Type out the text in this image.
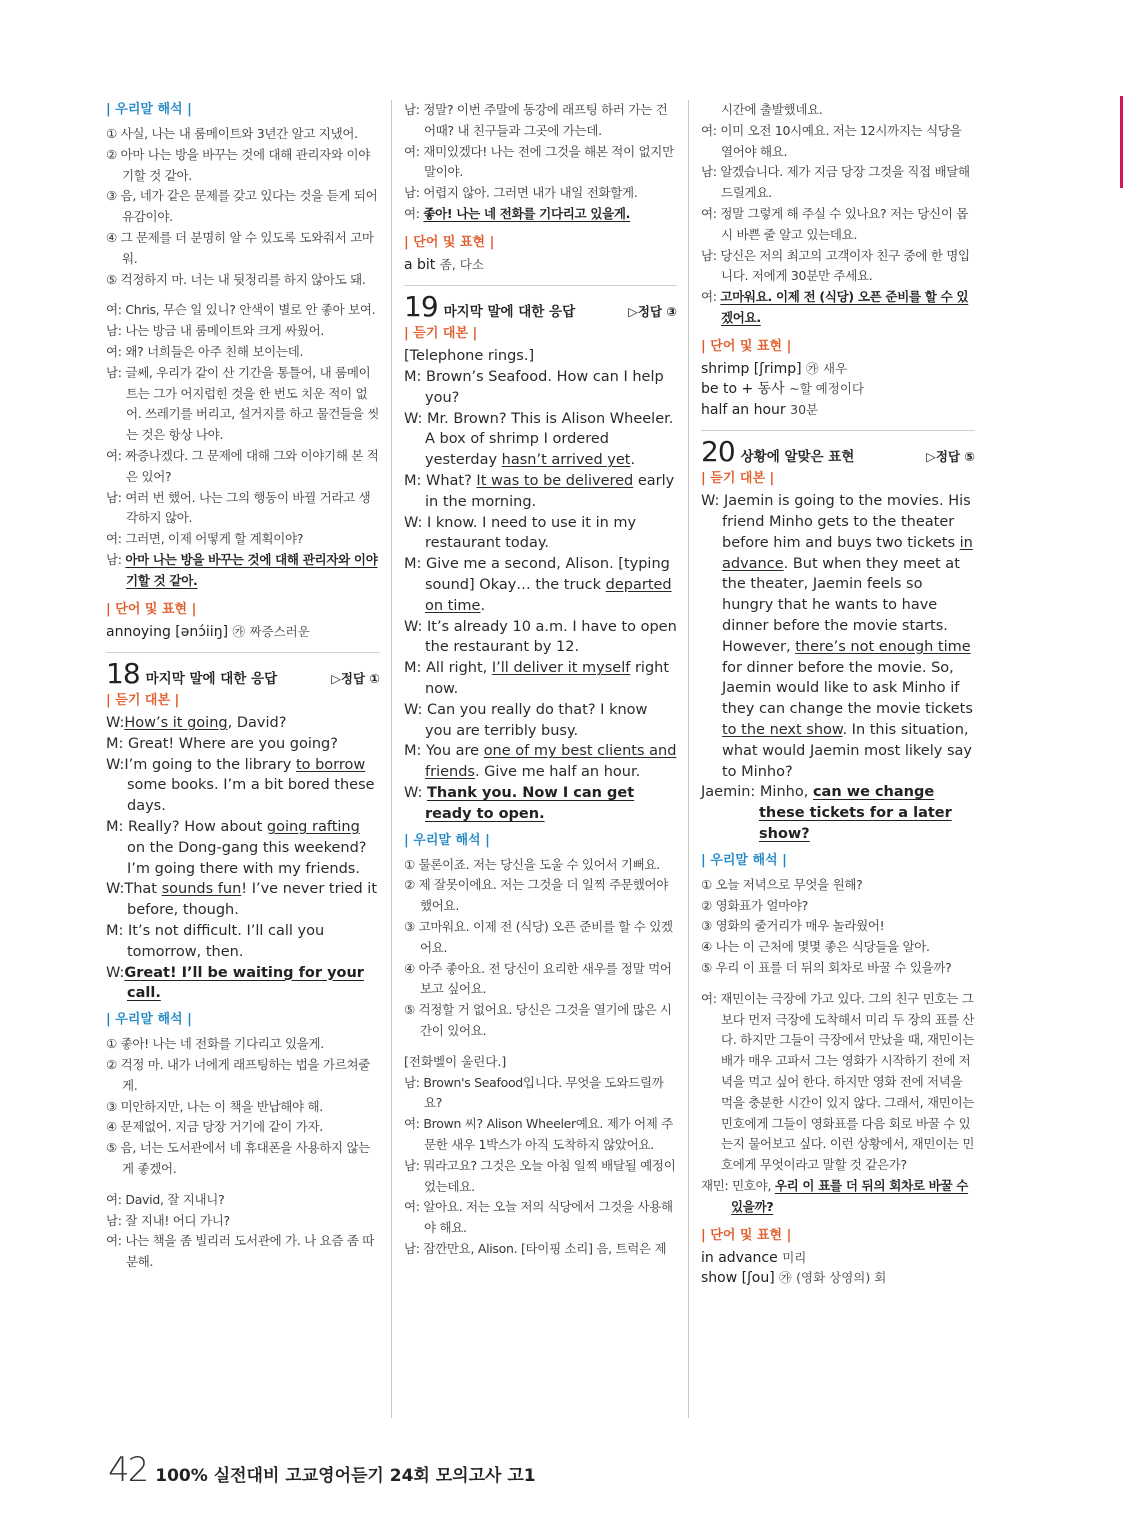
| 우리말 해석 |
① 사실, 나는 내 룸메이트와 3년간 알고 지냈어.
② 아마 나는 방을 바꾸는 것에 대해 관리자와 이야기할 것 같아.
③ 음, 네가 같은 문제를 갖고 있다는 것을 듣게 되어 유감이야.
④ 그 문제를 더 분명히 알 수 있도록 도와줘서 고마워.
⑤ 걱정하지 마. 너는 내 뒷정리를 하지 않아도 돼.
여: Chris, 무슨 일 있니? 안색이 별로 안 좋아 보여.
남: 나는 방금 내 룸메이트와 크게 싸웠어.
여: 왜? 너희들은 아주 친해 보이는데.
남: 글쎄, 우리가 같이 산 기간을 통틀어, 내 룸메이트는 그가 어지럽힌 것을 한 번도 치운 적이 없어. 쓰레기를 버리고, 설거지를 하고 물건들을 씻는 것은 항상 나야.
여: 짜증나겠다. 그 문제에 대해 그와 이야기해 본 적은 있어?
남: 여러 번 했어. 나는 그의 행동이 바뀔 거라고 생각하지 않아.
여: 그러면, 이제 어떻게 할 계획이야?
남: 아마 나는 방을 바꾸는 것에 대해 관리자와 이야기할 것 같아.
| 단어 및 표현 |
annoying [ənɔ́iiŋ] ㉮ 짜증스러운
18 마지막 말에 대한 응답	▷정답 ①
| 듣기 대본 |
W:How’s it going, David?
M: Great! Where are you going?
W:I’m going to the library to borrow some books. I’m a bit bored these days.
M: Really? How about going rafting on the Dong-gang this weekend? I’m going there with my friends.
W:That sounds fun! I’ve never tried it before, though.
M: It’s not difficult. I’ll call you tomorrow, then.
W:Great! I’ll be waiting for your call.
| 우리말 해석 |
① 좋아! 나는 네 전화를 기다리고 있을게.
② 걱정 마. 내가 너에게 래프팅하는 법을 가르쳐줄게.
③ 미안하지만, 나는 이 책을 반납해야 해.
④ 문제없어. 지금 당장 거기에 같이 가자.
⑤ 음, 너는 도서관에서 네 휴대폰을 사용하지 않는 게 좋겠어.
여: David, 잘 지내니?
남: 잘 지내! 어디 가니?
여: 나는 책을 좀 빌리러 도서관에 가. 나 요즘 좀 따분해.
남: 정말? 이번 주말에 동강에 래프팅 하러 가는 건 어때? 내 친구들과 그곳에 가는데.
여: 재미있겠다! 나는 전에 그것을 해본 적이 없지만 말이야.
남: 어렵지 않아. 그러면 내가 내일 전화할게.
여: 좋아! 나는 네 전화를 기다리고 있을게.
| 단어 및 표현 |
a bit 좀, 다소
19 마지막 말에 대한 응답	▷정답 ③
| 듣기 대본 |
[Telephone rings.]
M: Brown’s Seafood. How can I help you?
W: Mr. Brown? This is Alison Wheeler. A box of shrimp I ordered yesterday hasn’t arrived yet.
M: What? It was to be delivered early in the morning.
W: I know. I need to use it in my restaurant today.
M: Give me a second, Alison. [typing sound] Okay… the truck departed on time.
W: It’s already 10 a.m. I have to open the restaurant by 12.
M: All right, I’ll deliver it myself right now.
W: Can you really do that? I know you are terribly busy.
M: You are one of my best clients and friends. Give me half an hour.
W: Thank you. Now I can get ready to open.
| 우리말 해석 |
① 물론이죠. 저는 당신을 도울 수 있어서 기뻐요.
② 제 잘못이에요. 저는 그것을 더 일찍 주문했어야 했어요.
③ 고마워요. 이제 전 (식당) 오픈 준비를 할 수 있겠어요.
④ 아주 좋아요. 전 당신이 요리한 새우를 정말 먹어보고 싶어요.
⑤ 걱정할 거 없어요. 당신은 그것을 열기에 많은 시간이 있어요.
[전화벨이 울린다.]
남: Brown's Seafood입니다. 무엇을 도와드릴까요?
여: Brown 씨? Alison Wheeler예요. 제가 어제 주문한 새우 1박스가 아직 도착하지 않았어요.
남: 뭐라고요? 그것은 오늘 아침 일찍 배달될 예정이었는데요.
여: 알아요. 저는 오늘 저의 식당에서 그것을 사용해야 해요.
남: 잠깐만요, Alison. [타이핑 소리] 음, 트럭은 제
시간에 출발했네요.
여: 이미 오전 10시예요. 저는 12시까지는 식당을 열어야 해요.
남: 알겠습니다. 제가 지금 당장 그것을 직접 배달해 드릴게요.
여: 정말 그렇게 해 주실 수 있나요? 저는 당신이 몹시 바쁜 줄 알고 있는데요.
남: 당신은 저의 최고의 고객이자 친구 중에 한 명입니다. 저에게 30분만 주세요.
여: 고마워요. 이제 전 (식당) 오픈 준비를 할 수 있겠어요.
| 단어 및 표현 |
shrimp [ʃrimp] ㉮ 새우
be to + 동사 ~할 예정이다
half an hour 30분
20 상황에 알맞은 표현	▷정답 ⑤
| 듣기 대본 |
W: Jaemin is going to the movies. His friend Minho gets to the theater before him and buys two tickets in advance. But when they meet at the theater, Jaemin feels so hungry that he wants to have dinner before the movie starts. However, there’s not enough time for dinner before the movie. So, Jaemin would like to ask Minho if they can change the movie tickets to the next show. In this situation, what would Jaemin most likely say to Minho?
Jaemin: Minho, can we change these tickets for a later show?
| 우리말 해석 |
① 오늘 저녁으로 무엇을 원해?
② 영화표가 얼마야?
③ 영화의 줄거리가 매우 놀라웠어!
④ 나는 이 근처에 몇몇 좋은 식당들을 알아.
⑤ 우리 이 표를 더 뒤의 회차로 바꿀 수 있을까?
여: 재민이는 극장에 가고 있다. 그의 친구 민호는 그보다 먼저 극장에 도착해서 미리 두 장의 표를 산다. 하지만 그들이 극장에서 만났을 때, 재민이는 배가 매우 고파서 그는 영화가 시작하기 전에 저녁을 먹고 싶어 한다. 하지만 영화 전에 저녁을 먹을 충분한 시간이 있지 않다. 그래서, 재민이는 민호에게 그들이 영화표를 다음 회로 바꿀 수 있는지 물어보고 싶다. 이런 상황에서, 재민이는 민호에게 무엇이라고 말할 것 같은가?
재민: 민호야, 우리 이 표를 더 뒤의 회차로 바꿀 수 있을까?
| 단어 및 표현 |
in advance 미리
show [ʃou] ㉮ (영화 상영의) 회
42 100% 실전대비 고교영어듣기 24회 모의고사 고1
